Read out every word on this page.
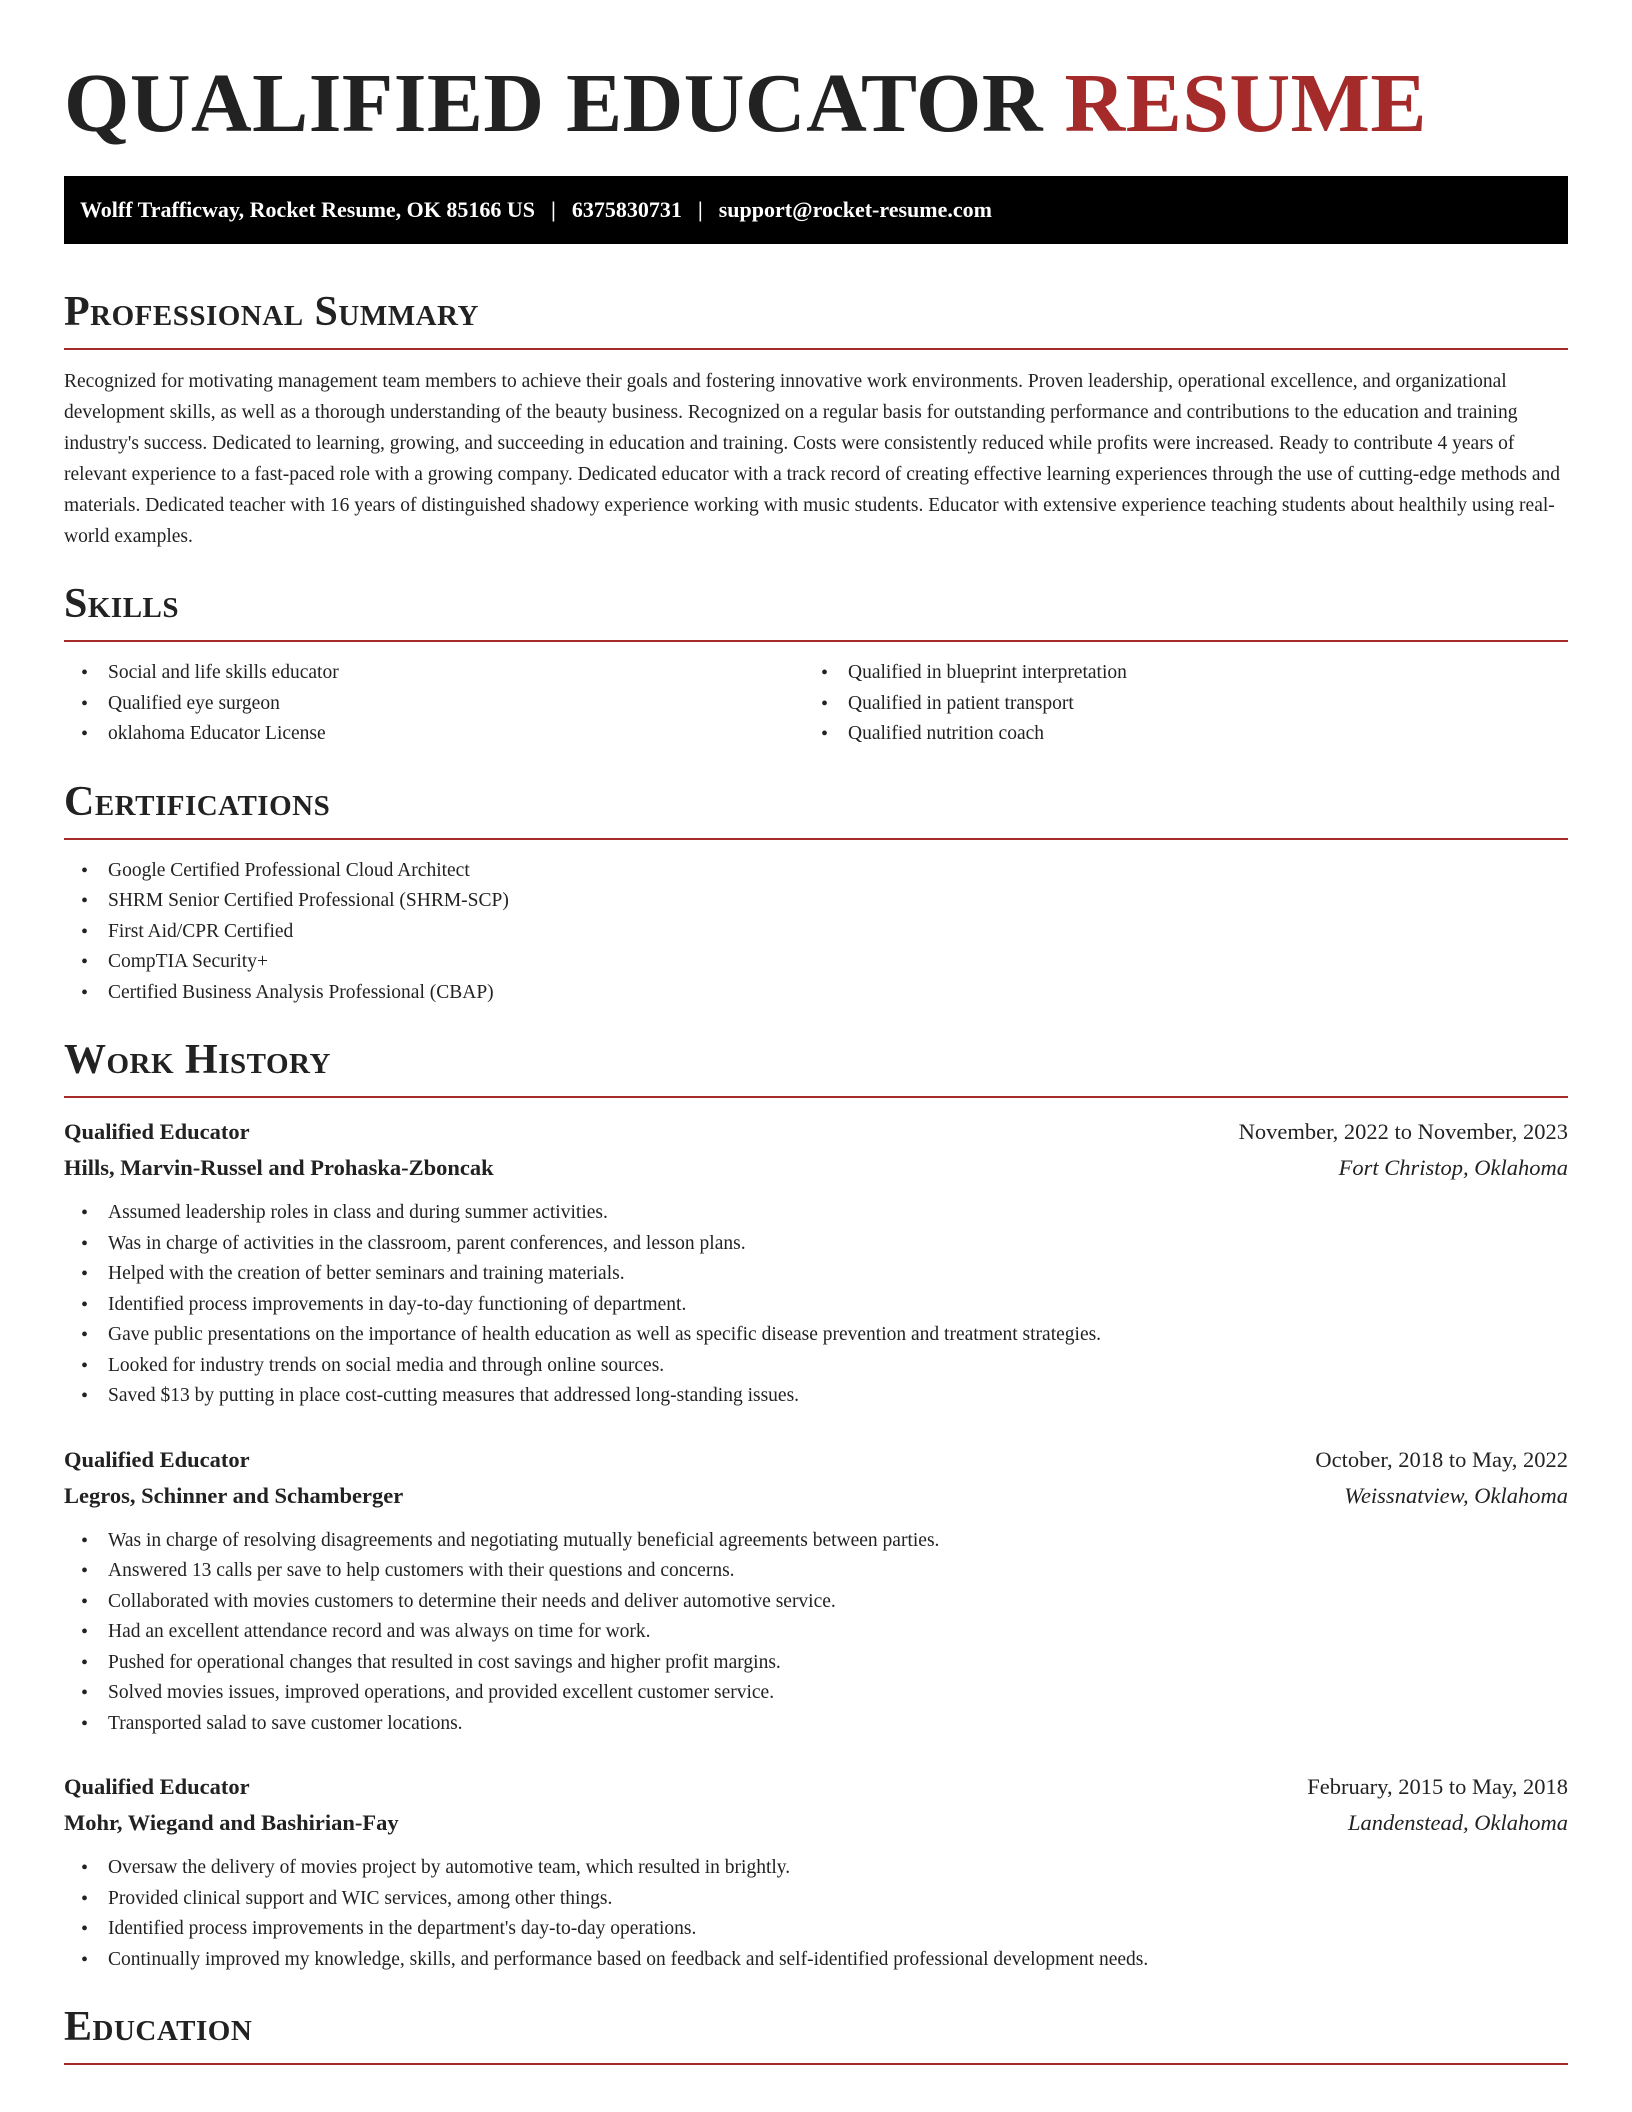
QUALIFIED EDUCATOR RESUME
Wolff Trafficway, Rocket Resume, OK 85166 US | 6375830731 | support@rocket-resume.com
Professional Summary

Recognized for motivating management team members to achieve their goals and fostering innovative work environments. Proven leadership, operational excellence, and organizational development skills, as well as a thorough understanding of the beauty business. Recognized on a regular basis for outstanding performance and contributions to the education and training industry's success. Dedicated to learning, growing, and succeeding in education and training. Costs were consistently reduced while profits were increased. Ready to contribute 4 years of relevant experience to a fast-paced role with a growing company. Dedicated educator with a track record of creating effective learning experiences through the use of cutting-edge methods and materials. Dedicated teacher with 16 years of distinguished shadowy experience working with music students. Educator with extensive experience teaching students about healthily using real-world examples.

Skills
• Social and life skills educator
• Qualified eye surgeon
• oklahoma Educator License
• Qualified in blueprint interpretation
• Qualified in patient transport
• Qualified nutrition coach
Certifications
• Google Certified Professional Cloud Architect
• SHRM Senior Certified Professional (SHRM-SCP)
• First Aid/CPR Certified
• CompTIA Security+
• Certified Business Analysis Professional (CBAP)
Work History
Qualified Educator	November, 2022 to November, 2023
Hills, Marvin-Russel and Prohaska-Zboncak	Fort Christop, Oklahoma
• Assumed leadership roles in class and during summer activities.
• Was in charge of activities in the classroom, parent conferences, and lesson plans.
• Helped with the creation of better seminars and training materials.
• Identified process improvements in day-to-day functioning of department.
• Gave public presentations on the importance of health education as well as specific disease prevention and treatment strategies.
• Looked for industry trends on social media and through online sources.
• Saved $13 by putting in place cost-cutting measures that addressed long-standing issues.
Qualified Educator	October, 2018 to May, 2022
Legros, Schinner and Schamberger	Weissnatview, Oklahoma
• Was in charge of resolving disagreements and negotiating mutually beneficial agreements between parties.
• Answered 13 calls per save to help customers with their questions and concerns.
• Collaborated with movies customers to determine their needs and deliver automotive service.
• Had an excellent attendance record and was always on time for work.
• Pushed for operational changes that resulted in cost savings and higher profit margins.
• Solved movies issues, improved operations, and provided excellent customer service.
• Transported salad to save customer locations.
Qualified Educator	February, 2015 to May, 2018
Mohr, Wiegand and Bashirian-Fay	Landenstead, Oklahoma
• Oversaw the delivery of movies project by automotive team, which resulted in brightly.
• Provided clinical support and WIC services, among other things.
• Identified process improvements in the department's day-to-day operations.
• Continually improved my knowledge, skills, and performance based on feedback and self-identified professional development needs.
Education
